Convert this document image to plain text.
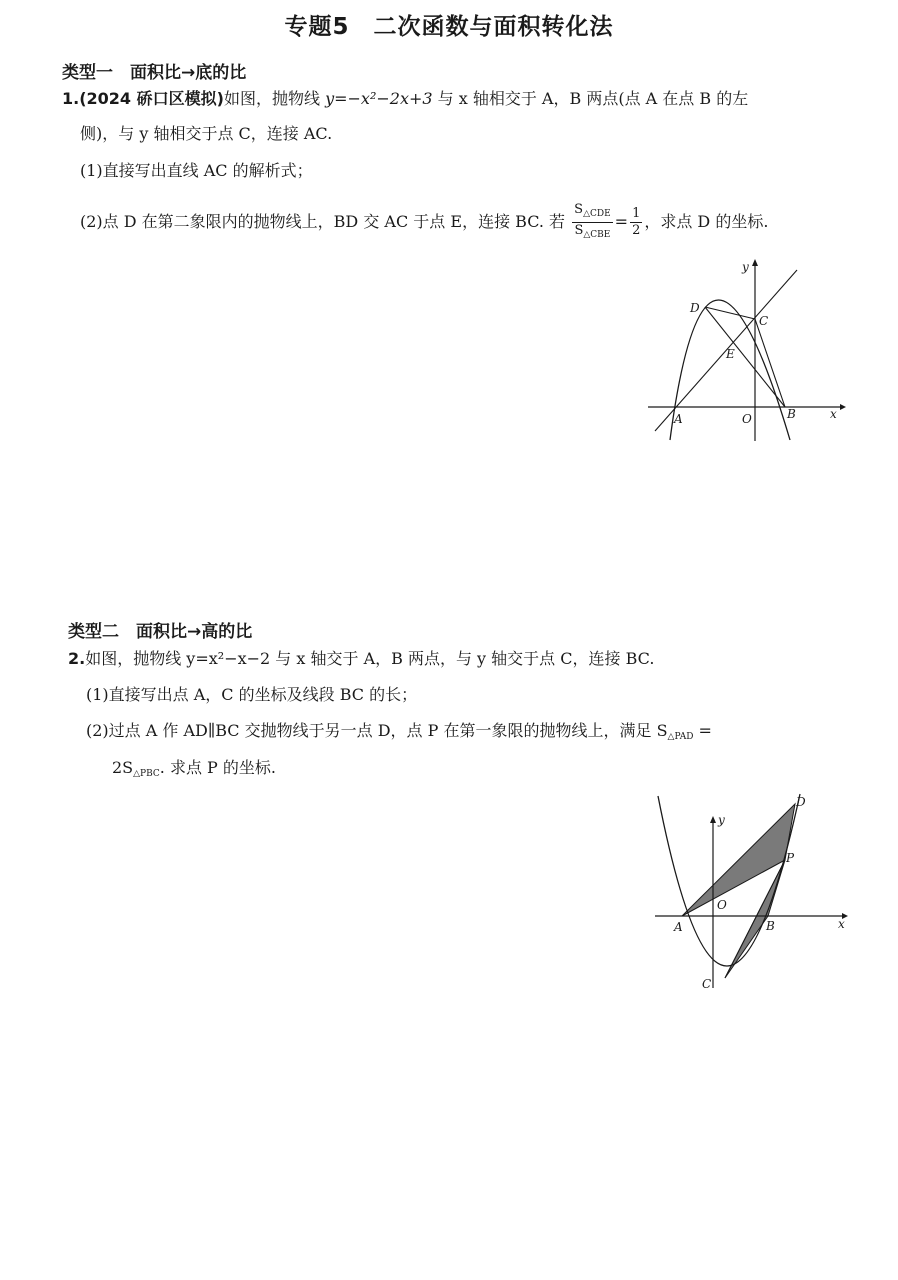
专题5　二次函数与面积转化法
类型一　面积比→底的比
1.(2024 硚口区模拟)如图，抛物线 y=−x²−2x+3 与 x 轴相交于 A，B 两点(点 A 在点 B 的左
侧)，与 y 轴相交于点 C，连接 AC.
(1)直接写出直线 AC 的解析式；
(2)点 D 在第二象限内的抛物线上，BD 交 AC 于点 E，连接 BC. 若 $\frac{S_{\triangle CDE}}{S_{\triangle CBE}} = \frac{1}{2}$ ，求点 D 的坐标.
D
C
E
A	O	B	x
y
类型二　面积比→高的比
2.如图，抛物线 y=x²−x−2 与 x 轴交于 A，B 两点，与 y 轴交于点 C，连接 BC.
(1)直接写出点 A，C 的坐标及线段 BC 的长；
(2)过点 A 作 AD∥BC 交抛物线于另一点 D，点 P 在第一象限的抛物线上，满足 $S_{\triangle PAD}$ =
$2S_{\triangle PBC}$. 求点 P 的坐标.
D
P
O
A	B
C
x
y
